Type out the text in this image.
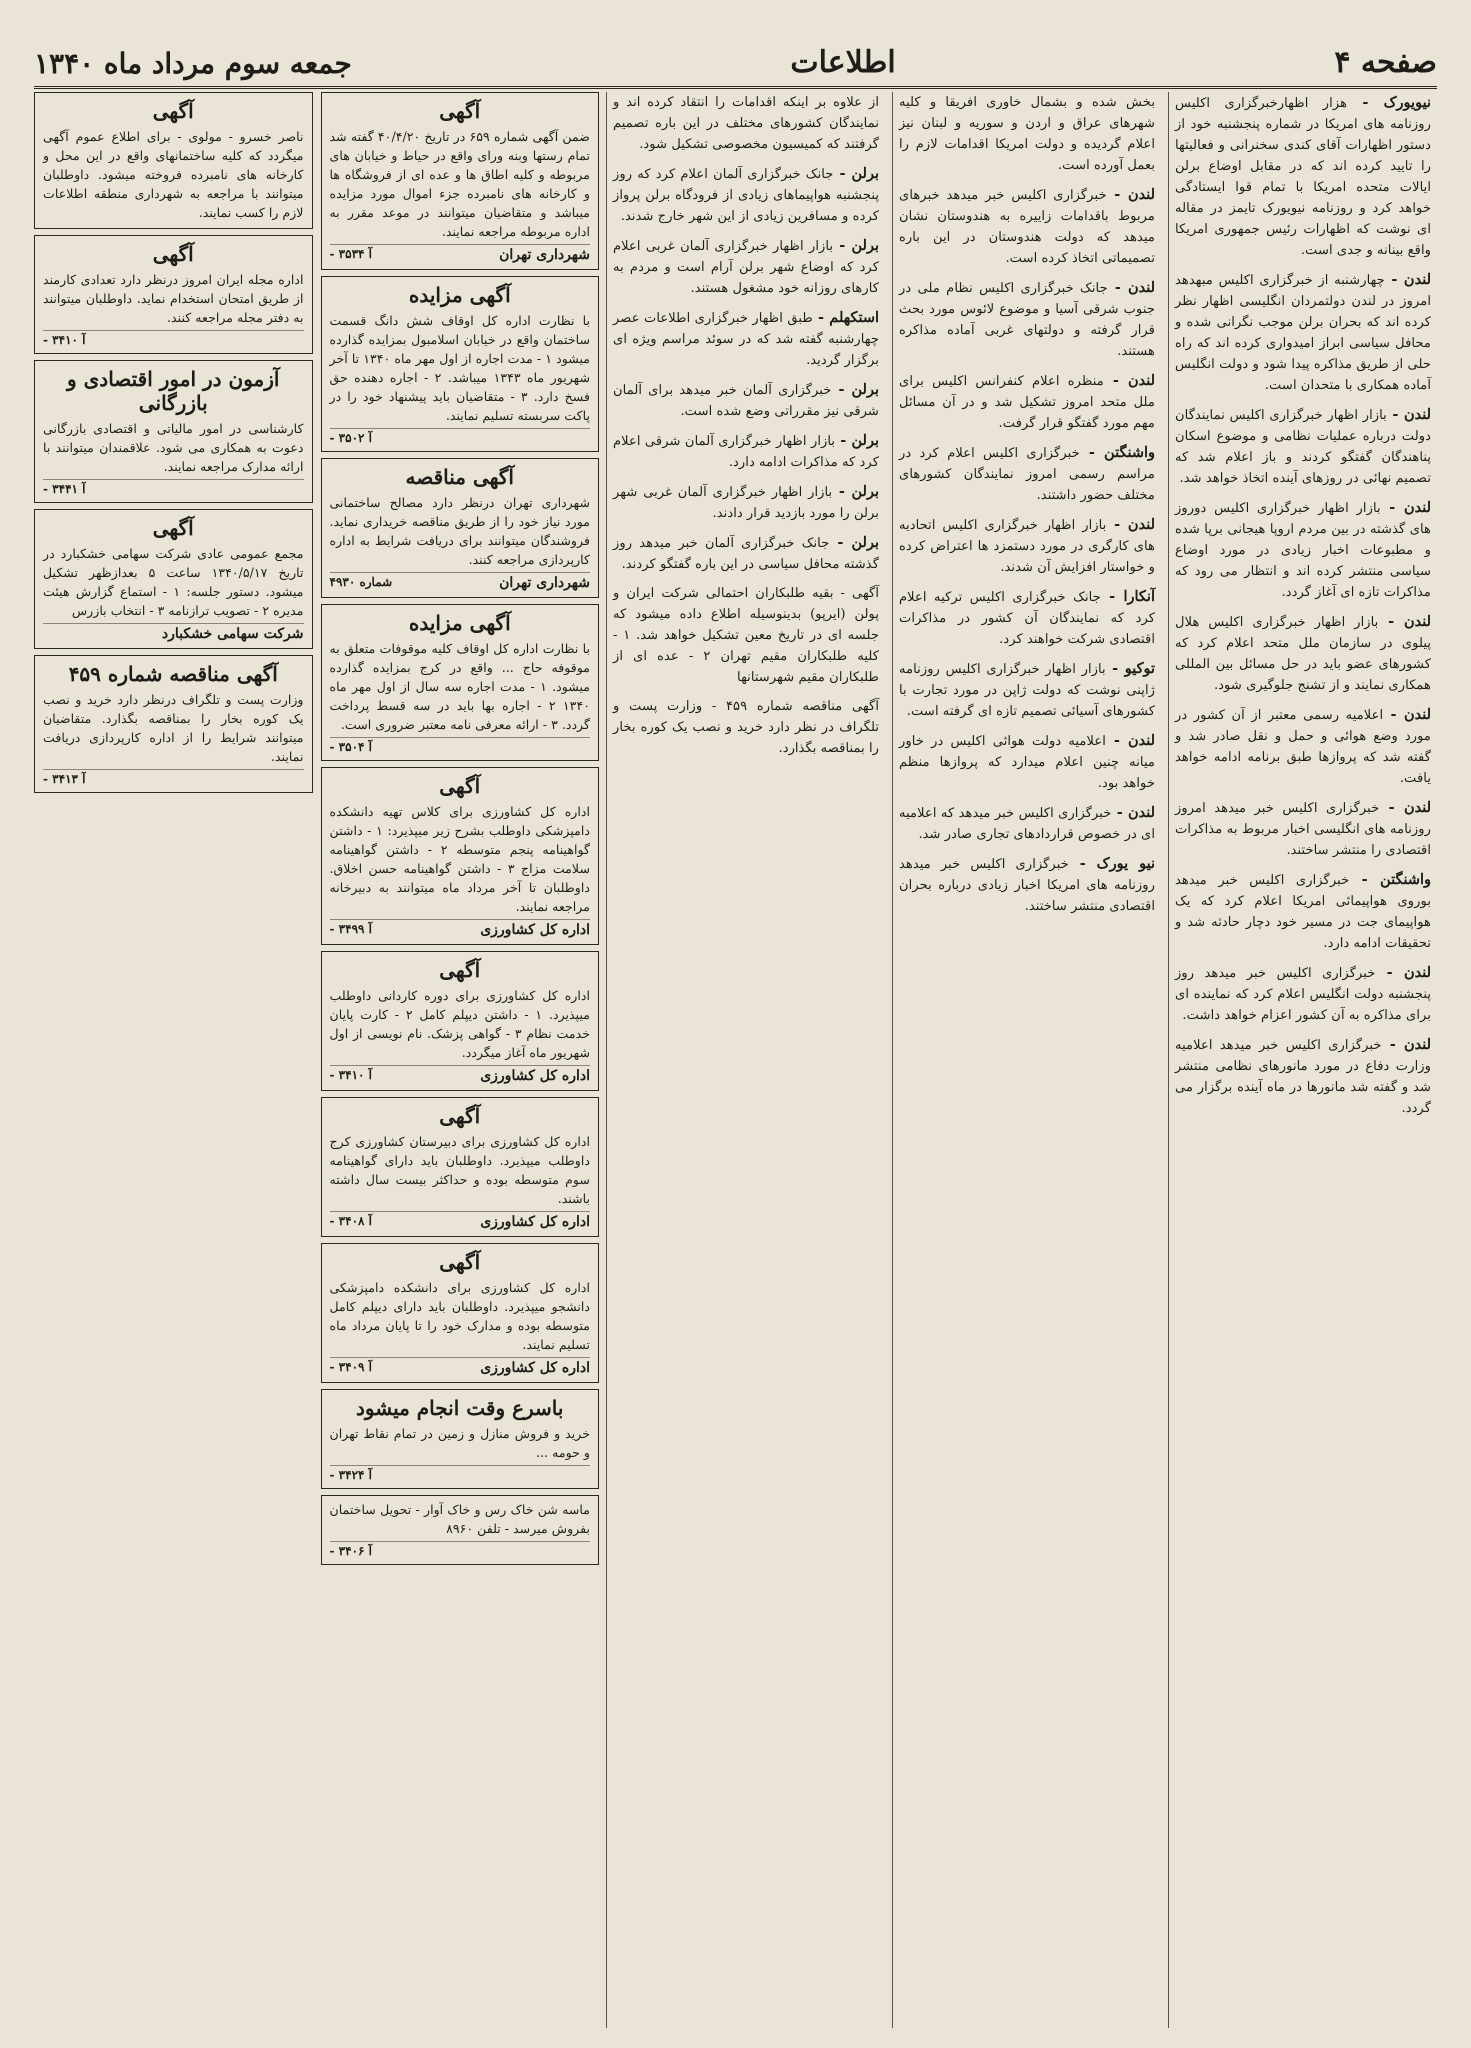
صفحه ۴
اطلاعات
جمعه سوم مرداد ماه ۱۳۴۰
نیویورک - هزار اظهارخبرگزاری اکلیس روزنامه های امریکا در شماره پنجشنبه خود از دستور اظهارات آقای کندی سخنرانی و فعالیتها را تایید کرده اند که در مقابل اوضاع برلن ایالات متحده امریکا با تمام قوا ایستادگی خواهد کرد و روزنامه نیویورک تایمز در مقاله ای نوشت که اظهارات رئیس جمهوری امریکا واقع بینانه و جدی است.
لندن - چهارشنبه از خبرگزاری اکلیس مبهدهد امروز در لندن دولتمردان انگلیسی اظهار نظر کرده اند که بحران برلن موجب نگرانی شده و محافل سیاسی ابراز امیدواری کرده اند که راه حلی از طریق مذاکره پیدا شود و دولت انگلیس آماده همکاری با متحدان است.
لندن - بازار اظهار خبرگزاری اکلیس نمایندگان دولت درباره عملیات نظامی و موضوع اسکان پناهندگان گفتگو کردند و باز اعلام شد که تصمیم نهائی در روزهای آینده اتخاذ خواهد شد.
لندن - بازار اظهار خبرگزاری اکلیس دوروز های گذشته در بین مردم اروپا هیجانی برپا شده و مطبوعات اخبار زیادی در مورد اوضاع سیاسی منتشر کرده اند و انتظار می رود که مذاکرات تازه ای آغاز گردد.
لندن - بازار اظهار خبرگزاری اکلیس هلال پیلوی در سازمان ملل متحد اعلام کرد که کشورهای عضو باید در حل مسائل بین المللی همکاری نمایند و از تشنج جلوگیری شود.
لندن - اعلامیه رسمی معتبر از آن کشور در مورد وضع هوائی و حمل و نقل صادر شد و گفته شد که پروازها طبق برنامه ادامه خواهد یافت.
لندن - خبرگزاری اکلیس خبر میدهد امروز روزنامه های انگلیسی اخبار مربوط به مذاکرات اقتصادی را منتشر ساختند.
واشنگتن - خبرگزاری اکلیس خبر میدهد بوروی هواپیمائی امریکا اعلام کرد که یک هواپیمای جت در مسیر خود دچار حادثه شد و تحقیقات ادامه دارد.
لندن - خبرگزاری اکلیس خبر میدهد روز پنجشنبه دولت انگلیس اعلام کرد که نماینده ای برای مذاکره به آن کشور اعزام خواهد داشت.
لندن - خبرگزاری اکلیس خبر میدهد اعلامیه وزارت دفاع در مورد مانورهای نظامی منتشر شد و گفته شد مانورها در ماه آینده برگزار می گردد.
بخش شده و بشمال خاوری افریقا و کلیه شهرهای عراق و اردن و سوریه و لبنان نیز اعلام گردیده و دولت امریکا اقدامات لازم را بعمل آورده است.
لندن - خبرگزاری اکلیس خبر میدهد خبرهای مربوط باقدامات زاییره به هندوستان نشان میدهد که دولت هندوستان در این باره تصمیماتی اتخاذ کرده است.
لندن - جانک خبرگزاری اکلیس نظام ملی در جنوب شرقی آسیا و موضوع لائوس مورد بحث قرار گرفته و دولتهای غربی آماده مذاکره هستند.
لندن - منظره اعلام کنفرانس اکلیس برای ملل متحد امروز تشکیل شد و در آن مسائل مهم مورد گفتگو قرار گرفت.
واشنگتن - خبرگزاری اکلیس اعلام کرد در مراسم رسمی امروز نمایندگان کشورهای مختلف حضور داشتند.
لندن - بازار اظهار خبرگزاری اکلیس اتحادیه های کارگری در مورد دستمزد ها اعتراض کرده و خواستار افزایش آن شدند.
آنکارا - جانک خبرگزاری اکلیس ترکیه اعلام کرد که نمایندگان آن کشور در مذاکرات اقتصادی شرکت خواهند کرد.
توکیو - بازار اظهار خبرگزاری اکلیس روزنامه ژاپنی نوشت که دولت ژاپن در مورد تجارت با کشورهای آسیائی تصمیم تازه ای گرفته است.
لندن - اعلامیه دولت هوائی اکلیس در خاور میانه چنین اعلام میدارد که پروازها منظم خواهد بود.
لندن - خبرگزاری اکلیس خبر میدهد که اعلامیه ای در خصوص قراردادهای تجاری صادر شد.
نیو یورک - خبرگزاری اکلیس خبر میدهد روزنامه های امریکا اخبار زیادی درباره بحران اقتصادی منتشر ساختند.
از علاوه بر اینکه اقدامات را انتقاد کرده اند و نمایندگان کشورهای مختلف در این باره تصمیم گرفتند که کمیسیون مخصوصی تشکیل شود.
برلن - جانک خبرگزاری آلمان اعلام کرد که روز پنجشنبه هواپیماهای زیادی از فرودگاه برلن پرواز کرده و مسافرین زیادی از این شهر خارج شدند.
برلن - بازار اظهار خبرگزاری آلمان غربی اعلام کرد که اوضاع شهر برلن آرام است و مردم به کارهای روزانه خود مشغول هستند.
استکهلم - طبق اظهار خبرگزاری اطلاعات عصر چهارشنبه گفته شد که در سوئد مراسم ویژه ای برگزار گردید.
برلن - خبرگزاری آلمان خبر میدهد برای آلمان شرقی نیز مقرراتی وضع شده است.
برلن - بازار اظهار خبرگزاری آلمان شرقی اعلام کرد که مذاکرات ادامه دارد.
برلن - بازار اظهار خبرگزاری آلمان غربی شهر برلن را مورد بازدید قرار دادند.
برلن - جانک خبرگزاری آلمان خبر میدهد روز گذشته محافل سیاسی در این باره گفتگو کردند.
آگهی - بقیه طلبکاران احتمالی شرکت ایران و پولن (ایرپو) بدینوسیله اطلاع داده میشود که جلسه ای در تاریخ معین تشکیل خواهد شد. ۱ - کلیه طلبکاران مقیم تهران ۲ - عده ای از طلبکاران مقیم شهرستانها
آگهی مناقصه شماره ۴۵۹ - وزارت پست و تلگراف در نظر دارد خرید و نصب یک کوره بخار را بمناقصه بگذارد.
آگهی
ضمن آگهی شماره ۶۵۹ در تاریخ ۴۰/۴/۲۰ گفته شد تمام رستها وبنه ورای واقع در حیاط و خیابان های مربوطه و کلیه اطاق ها و عده ای از فروشگاه ها و کارخانه های نامبرده جزء اموال مورد مزایده میباشد و متقاضیان میتوانند در موعد مقرر به اداره مربوطه مراجعه نمایند.
شهرداری تهران
آ ۳۵۳۴ -
آگهی مزایده
با نظارت اداره کل اوقاف شش دانگ قسمت ساختمان واقع در خیابان اسلامبول بمزایده گذارده میشود ۱ - مدت اجاره از اول مهر ماه ۱۳۴۰ تا آخر شهریور ماه ۱۳۴۳ میباشد. ۲ - اجاره دهنده حق فسخ دارد. ۳ - متقاضیان باید پیشنهاد خود را در پاکت سربسته تسلیم نمایند.
آ ۳۵۰۲ -
آگهی مناقصه
شهرداری تهران درنظر دارد مصالح ساختمانی مورد نیاز خود را از طریق مناقصه خریداری نماید. فروشندگان میتوانند برای دریافت شرایط به اداره کارپردازی مراجعه کنند.
شهرداری تهران
شماره ۴۹۳۰
آگهی مزایده
با نظارت اداره کل اوقاف کلیه موقوفات متعلق به موقوفه حاج ... واقع در کرج بمزایده گذارده میشود. ۱ - مدت اجاره سه سال از اول مهر ماه ۱۳۴۰ ۲ - اجاره بها باید در سه قسط پرداخت گردد. ۳ - ارائه معرفی نامه معتبر ضروری است.
آ ۳۵۰۴ -
آگهی
اداره کل کشاورزی برای کلاس تهیه دانشکده دامپزشکی داوطلب بشرح زیر میپذیرد: ۱ - داشتن گواهینامه پنجم متوسطه ۲ - داشتن گواهینامه سلامت مزاج ۳ - داشتن گواهینامه حسن اخلاق. داوطلبان تا آخر مرداد ماه میتوانند به دبیرخانه مراجعه نمایند.
اداره کل کشاورزی
آ ۳۴۹۹ -
آگهی
اداره کل کشاورزی برای دوره کاردانی داوطلب میپذیرد. ۱ - داشتن دیپلم کامل ۲ - کارت پایان خدمت نظام ۳ - گواهی پزشک. نام نویسی از اول شهریور ماه آغاز میگردد.
اداره کل کشاورزی
آ ۳۴۱۰ -
آگهی
اداره کل کشاورزی برای دبیرستان کشاورزی کرج داوطلب میپذیرد. داوطلبان باید دارای گواهینامه سوم متوسطه بوده و حداکثر بیست سال داشته باشند.
اداره کل کشاورزی
آ ۳۴۰۸ -
آگهی
اداره کل کشاورزی برای دانشکده دامپزشکی دانشجو میپذیرد. داوطلبان باید دارای دیپلم کامل متوسطه بوده و مدارک خود را تا پایان مرداد ماه تسلیم نمایند.
اداره کل کشاورزی
آ ۳۴۰۹ -
باسرع وقت انجام میشود
خرید و فروش منازل و زمین در تمام نقاط تهران و حومه ...
آ ۳۴۲۴ -
ماسه شن خاک رس و خاک آوار - تحویل ساختمان بفروش میرسد - تلفن ۸۹۶۰
آ ۳۴۰۶ -
آگهی
ناصر خسرو - مولوی - برای اطلاع عموم آگهی میگردد که کلیه ساختمانهای واقع در این محل و کارخانه های نامبرده فروخته میشود. داوطلبان میتوانند با مراجعه به شهرداری منطقه اطلاعات لازم را کسب نمایند.
آگهی
اداره مجله ایران امروز درنظر دارد تعدادی کارمند از طریق امتحان استخدام نماید. داوطلبان میتوانند به دفتر مجله مراجعه کنند.
آ ۳۴۱۰ -
آزمون در امور اقتصادی و بازرگانی
کارشناسی در امور مالیاتی و اقتصادی بازرگانی دعوت به همکاری می شود. علاقمندان میتوانند با ارائه مدارک مراجعه نمایند.
آ ۳۴۴۱ -
آگهی
مجمع عمومی عادی شرکت سهامی خشکبارد در تاریخ ۱۳۴۰/۵/۱۷ ساعت ۵ بعدازظهر تشکیل میشود. دستور جلسه: ۱ - استماع گزارش هیئت مدیره ۲ - تصویب ترازنامه ۳ - انتخاب بازرس
شرکت سهامی خشکبارد
آگهی مناقصه شماره ۴۵۹
وزارت پست و تلگراف درنظر دارد خرید و نصب یک کوره بخار را بمناقصه بگذارد. متقاضیان میتوانند شرایط را از اداره کارپردازی دریافت نمایند.
آ ۳۴۱۳ -
